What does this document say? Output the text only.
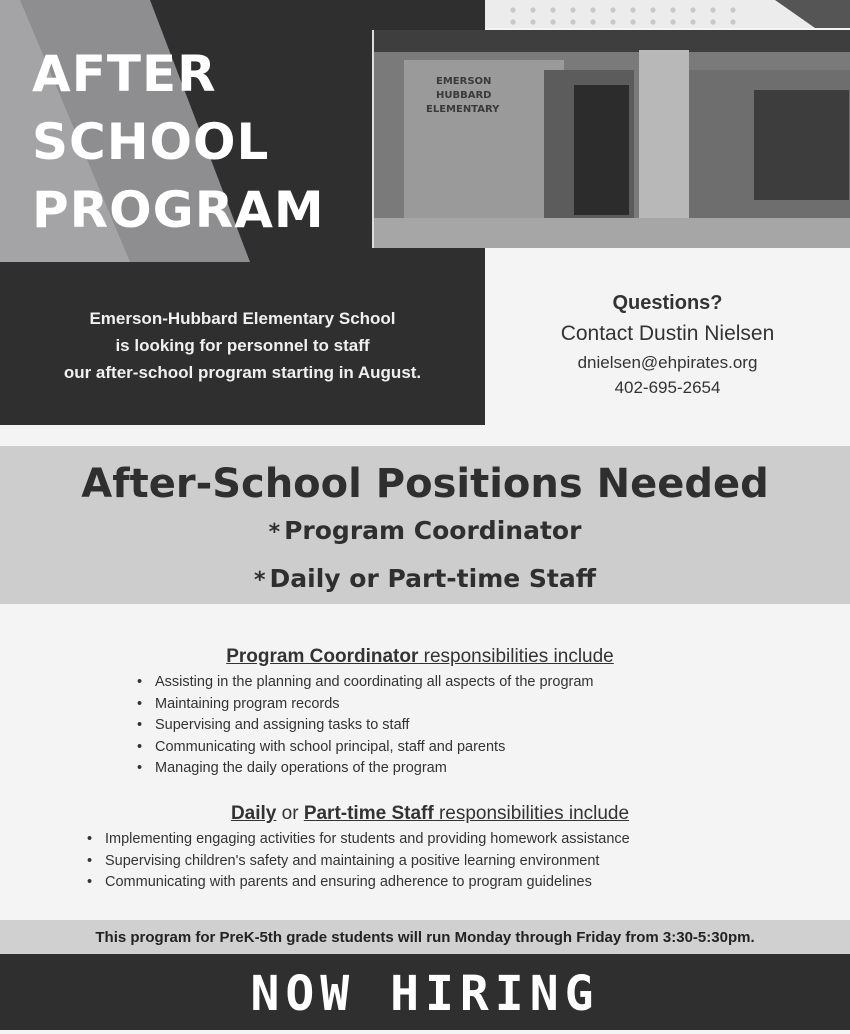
AFTER
SCHOOL
PROGRAM
Emerson-Hubbard Elementary School
is looking for personnel to staff
our after-school program starting in August.
EMERSON
HUBBARD
ELEMENTARY
Questions?
Contact Dustin Nielsen
dnielsen@ehpirates.org
402-695-2654
After-School Positions Needed
* Program Coordinator
* Daily or Part-time Staff
Program Coordinator responsibilities include
• Assisting in the planning and coordinating all aspects of the program
• Maintaining program records
• Supervising and assigning tasks to staff
• Communicating with school principal, staff and parents
• Managing the daily operations of the program
Daily or Part-time Staff responsibilities include
• Implementing engaging activities for students and providing homework assistance
• Supervising children's safety and maintaining a positive learning environment
• Communicating with parents and ensuring adherence to program guidelines
This program for PreK-5th grade students will run Monday through Friday from 3:30-5:30pm.
NOW HIRING
